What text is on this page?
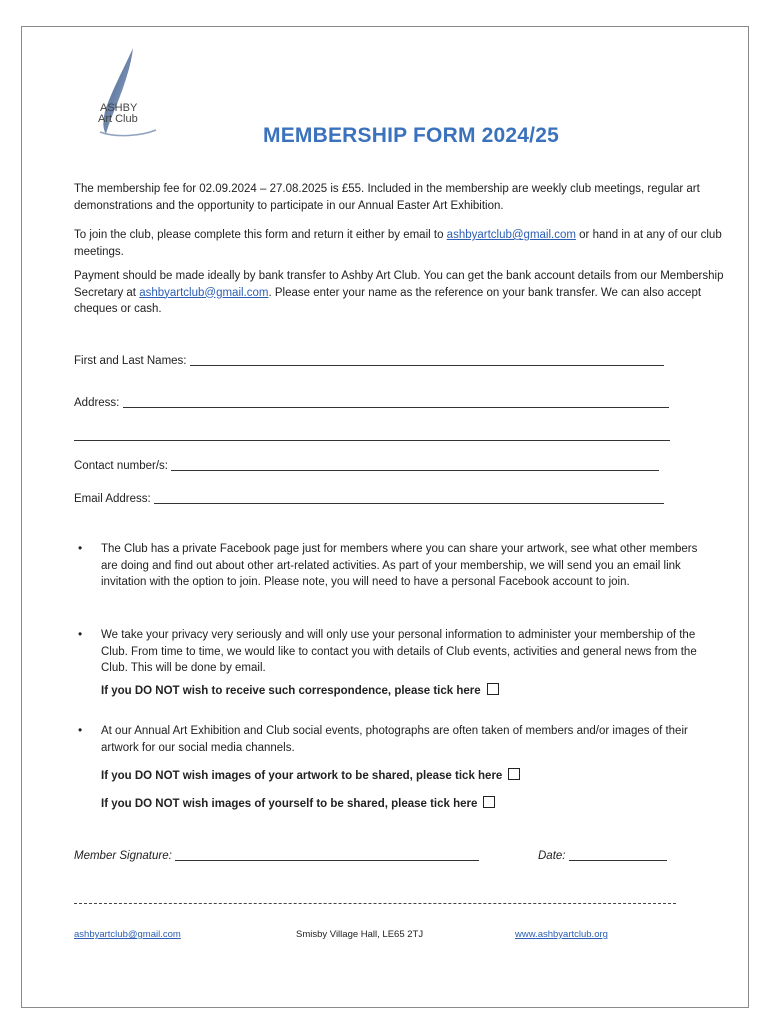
ASHBY
Art Club
MEMBERSHIP FORM 2024/25
The membership fee for 02.09.2024 – 27.08.2025 is £55. Included in the membership are weekly club meetings, regular art demonstrations and the opportunity to participate in our Annual Easter Art Exhibition.
To join the club, please complete this form and return it either by email to ashbyartclub@gmail.com or hand in at any of our club meetings.
Payment should be made ideally by bank transfer to Ashby Art Club. You can get the bank account details from our Membership Secretary at ashbyartclub@gmail.com. Please enter your name as the reference on your bank transfer. We can also accept cheques or cash.
First and Last Names:
Address:
Contact number/s:
Email Address:
• The Club has a private Facebook page just for members where you can share your artwork, see what other members are doing and find out about other art-related activities. As part of your membership, we will send you an email link invitation with the option to join. Please note, you will need to have a personal Facebook account to join.
• We take your privacy very seriously and will only use your personal information to administer your membership of the Club. From time to time, we would like to contact you with details of Club events, activities and general news from the Club. This will be done by email.
If you DO NOT wish to receive such correspondence, please tick here
• At our Annual Art Exhibition and Club social events, photographs are often taken of members and/or images of their artwork for our social media channels.
If you DO NOT wish images of your artwork to be shared, please tick here
If you DO NOT wish images of yourself to be shared, please tick here
Member Signature:	Date:
ashbyartclub@gmail.com	Smisby Village Hall, LE65 2TJ	www.ashbyartclub.org
